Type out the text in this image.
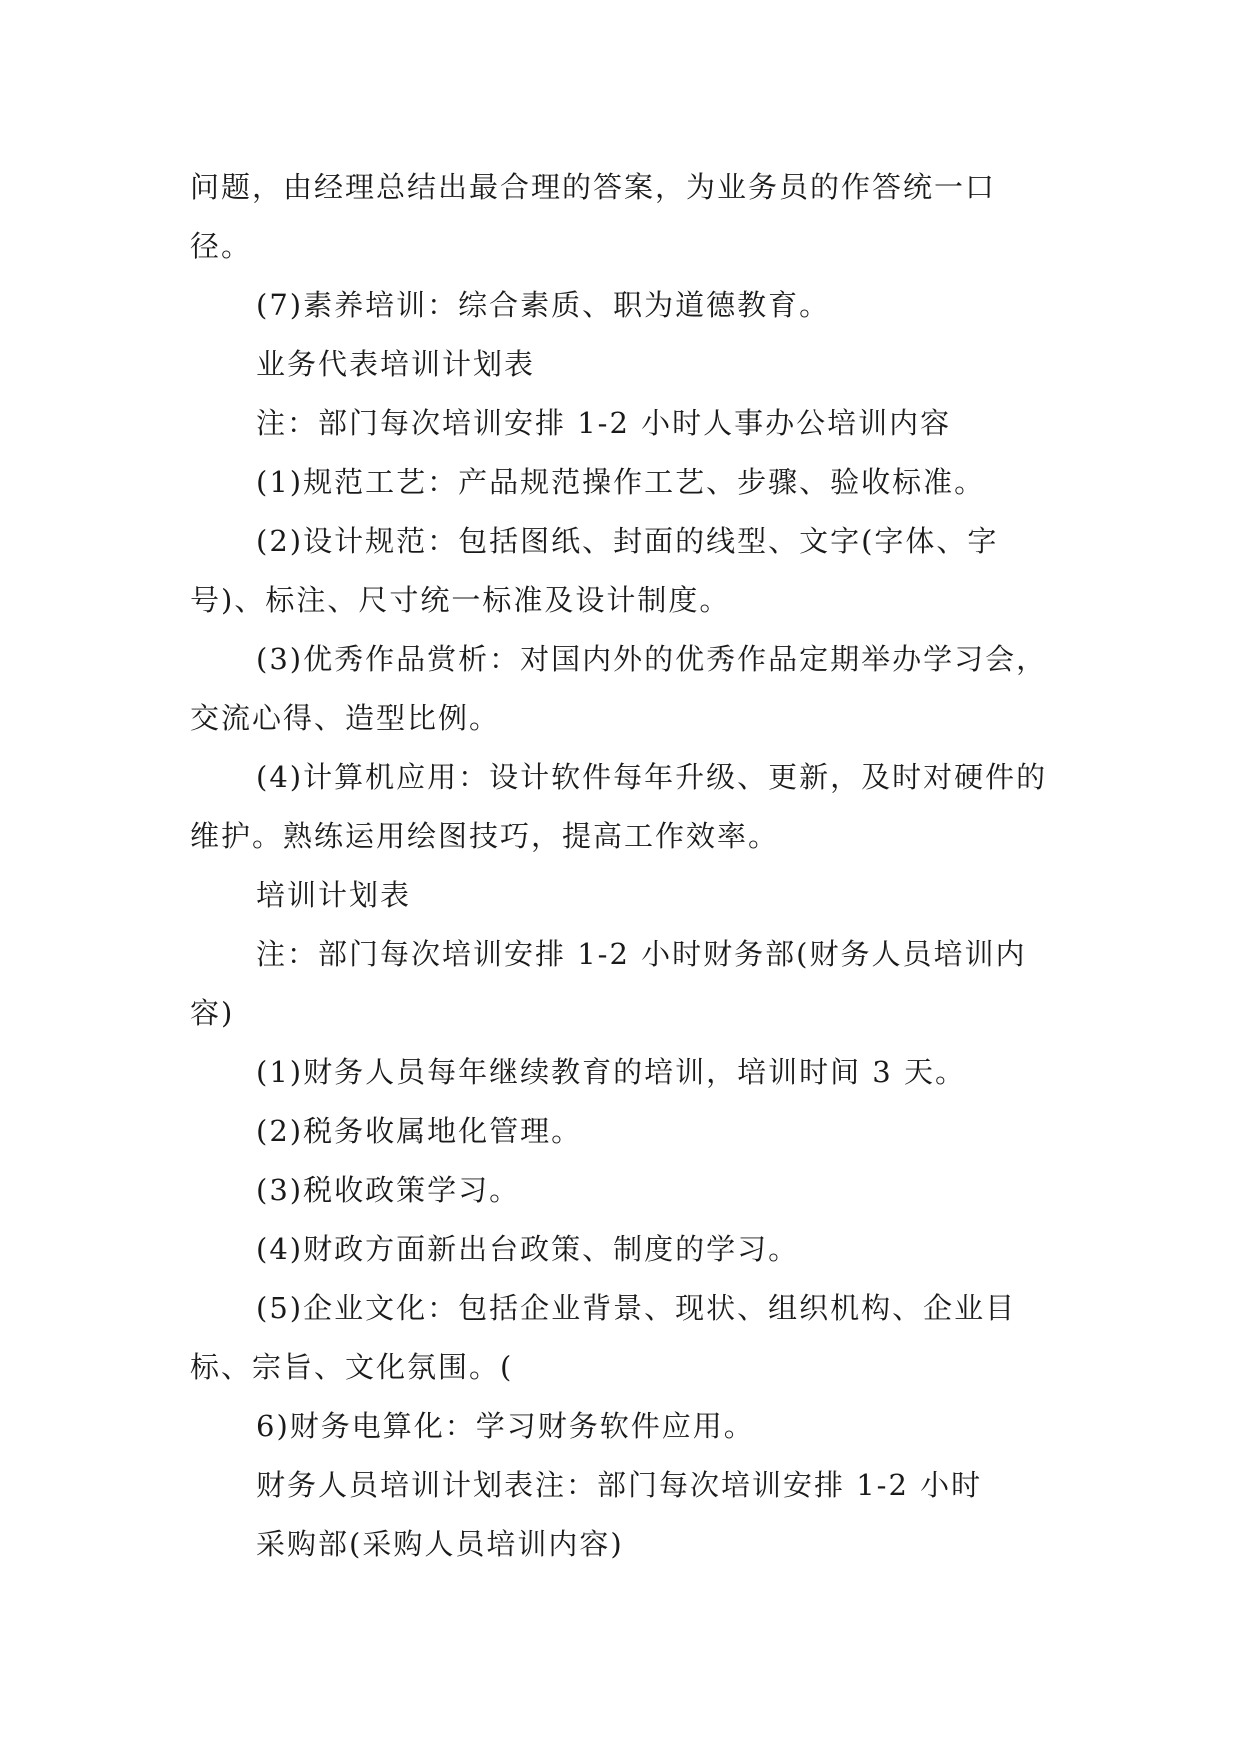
问题，由经理总结出最合理的答案，为业务员的作答统一口径。

(7)素养培训：综合素质、职为道德教育。

业务代表培训计划表

注：部门每次培训安排 1-2 小时人事办公培训内容

(1)规范工艺：产品规范操作工艺、步骤、验收标准。

(2)设计规范：包括图纸、封面的线型、文字(字体、字号)、标注、尺寸统一标准及设计制度。

(3)优秀作品赏析：对国内外的优秀作品定期举办学习会，交流心得、造型比例。

(4)计算机应用：设计软件每年升级、更新，及时对硬件的维护。熟练运用绘图技巧，提高工作效率。

培训计划表

注：部门每次培训安排 1-2 小时财务部(财务人员培训内容)

(1)财务人员每年继续教育的培训，培训时间 3 天。

(2)税务收属地化管理。

(3)税收政策学习。

(4)财政方面新出台政策、制度的学习。

(5)企业文化：包括企业背景、现状、组织机构、企业目标、宗旨、文化氛围。(

6)财务电算化：学习财务软件应用。

财务人员培训计划表注：部门每次培训安排 1-2 小时

采购部(采购人员培训内容)
